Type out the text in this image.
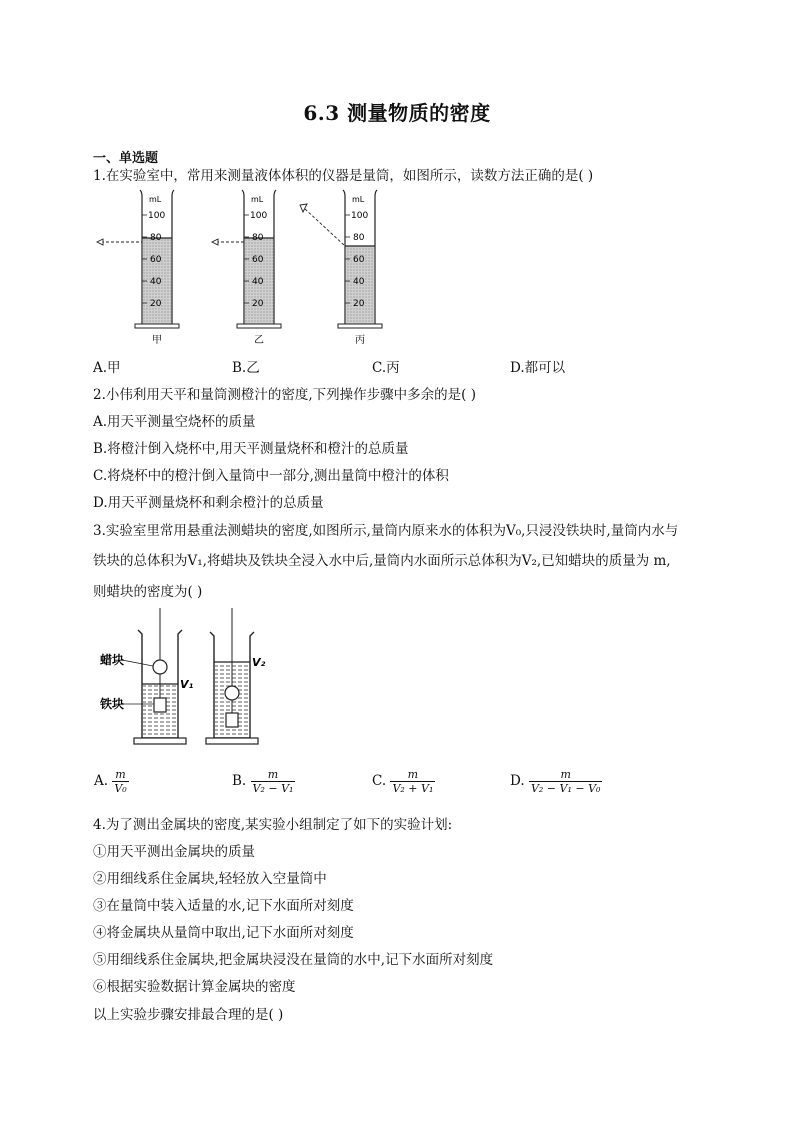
6.3 测量物质的密度
一、单选题
1.在实验室中，常用来测量液体体积的仪器是量筒，如图所示，读数方法正确的是( )
mL
100
80
60
40
20
甲
mL
100
80
60
40
20
乙
mL
100
80
60
40
20
丙
A.甲	B.乙	C.丙	D.都可以
2.小伟利用天平和量筒测橙汁的密度,下列操作步骤中多余的是( )
A.用天平测量空烧杯的质量
B.将橙汁倒入烧杯中,用天平测量烧杯和橙汁的总质量
C.将烧杯中的橙汁倒入量筒中一部分,测出量筒中橙汁的体积
D.用天平测量烧杯和剩余橙汁的总质量
3.实验室里常用悬重法测蜡块的密度,如图所示,量筒内原来水的体积为V₀,只浸没铁块时,量筒内水与
铁块的总体积为V₁,将蜡块及铁块全浸入水中后,量筒内水面所示总体积为V₂,已知蜡块的质量为 m,
则蜡块的密度为( )
蜡块
铁块
V₁
V₂
A. $\frac{m}{\text{V₀}}$	B. $\frac{m}{\text{V₂ − V₁}}$	C. $\frac{m}{\text{V₂ + V₁}}$	D. $\frac{m}{\text{V₂ − V₁ − V₀}}$
4.为了测出金属块的密度,某实验小组制定了如下的实验计划:
①用天平测出金属块的质量
②用细线系住金属块,轻轻放入空量筒中
③在量筒中装入适量的水,记下水面所对刻度
④将金属块从量筒中取出,记下水面所对刻度
⑤用细线系住金属块,把金属块浸没在量筒的水中,记下水面所对刻度
⑥根据实验数据计算金属块的密度
以上实验步骤安排最合理的是( )
